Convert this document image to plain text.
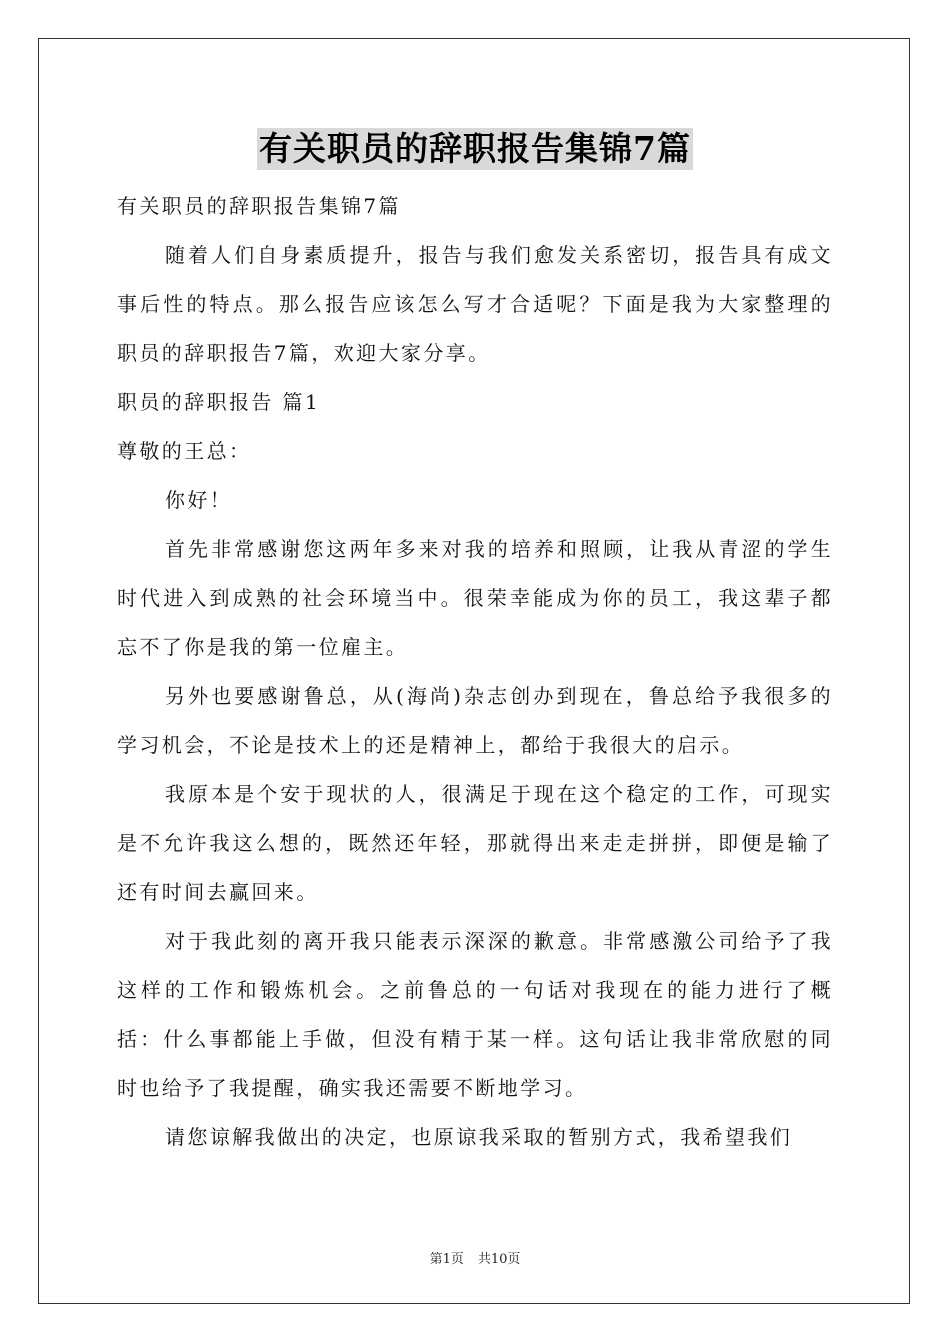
有关职员的辞职报告集锦7篇

有关职员的辞职报告集锦7篇

随着人们自身素质提升，报告与我们愈发关系密切，报告具有成文事后性的特点。那么报告应该怎么写才合适呢？下面是我为大家整理的职员的辞职报告7篇，欢迎大家分享。

职员的辞职报告 篇1

尊敬的王总：

你好！

首先非常感谢您这两年多来对我的培养和照顾，让我从青涩的学生时代进入到成熟的社会环境当中。很荣幸能成为你的员工，我这辈子都忘不了你是我的第一位雇主。

另外也要感谢鲁总，从(海尚)杂志创办到现在，鲁总给予我很多的学习机会，不论是技术上的还是精神上，都给于我很大的启示。

我原本是个安于现状的人，很满足于现在这个稳定的工作，可现实是不允许我这么想的，既然还年轻，那就得出来走走拼拼，即便是输了还有时间去赢回来。

对于我此刻的离开我只能表示深深的歉意。非常感激公司给予了我这样的工作和锻炼机会。之前鲁总的一句话对我现在的能力进行了概括：什么事都能上手做，但没有精于某一样。这句话让我非常欣慰的同时也给予了我提醒，确实我还需要不断地学习。

请您谅解我做出的决定，也原谅我采取的暂别方式，我希望我们

第1页 共10页
